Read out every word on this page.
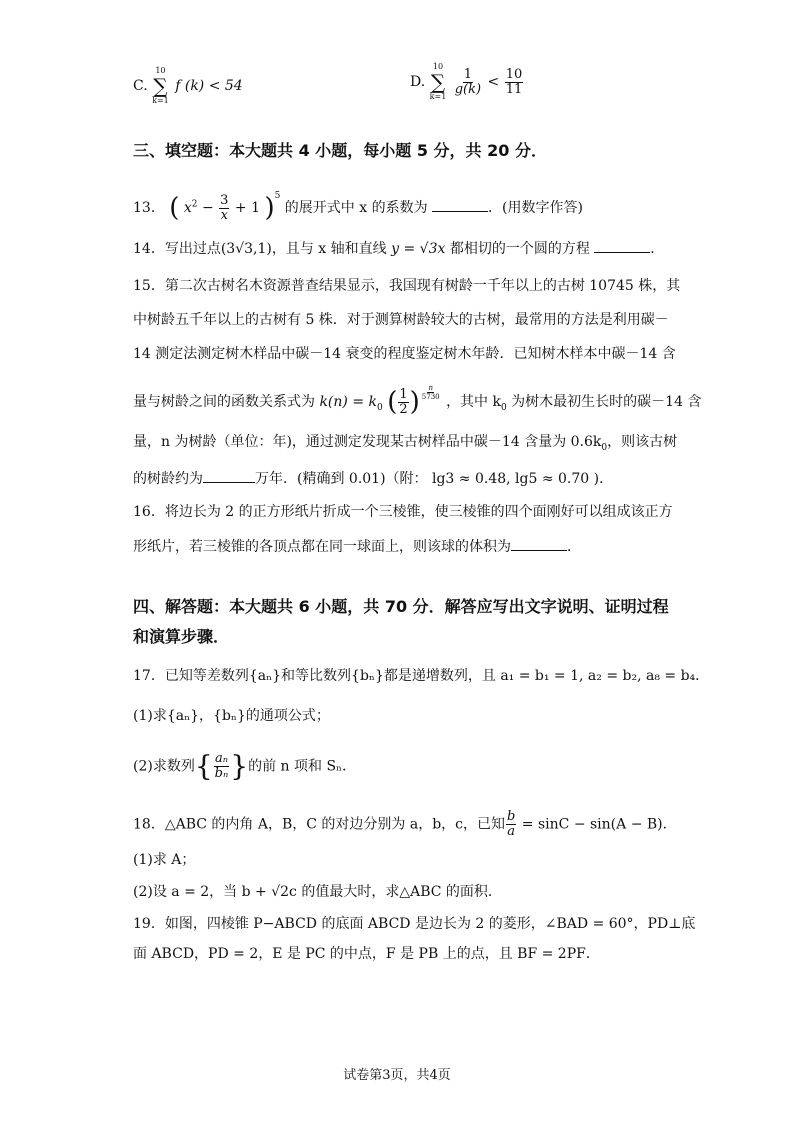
C.
10
∑
k=1
f (k) < 54	D.
10
∑
k=1
$\frac{1}{g(k)} < \frac{10}{11}$
三、填空题：本大题共 4 小题，每小题 5 分，共 20 分．
13． ( $x^2 - \frac{3}{x} + 1$ )$^5$ 的展开式中 x 的系数为	．(用数字作答)
14．写出过点(3√3,1)，且与 x 轴和直线 y = √3x 都相切的一个圆的方程	．
15．第二次古树名木资源普查结果显示，我国现有树龄一千年以上的古树 10745 株，其
中树龄五千年以上的古树有 5 株．对于测算树龄较大的古树，最常用的方法是利用碳－
14 测定法测定树木样品中碳－14 衰变的程度鉴定树木年龄．已知树木样本中碳－14 含
量与树龄之间的函数关系式为 $k(n) = k_0$ ( $\frac{1}{2}$ ) $\frac{n}{5730}$
，其中 $k_0$ 为树木最初生长时的碳－14 含
量，n 为树龄（单位：年)，通过测定发现某古树样品中碳－14 含量为 $0.6k_0$，则该古树
的树龄约为	万年．(精确到 0.01)（附： lg3 ≈ 0.48, lg5 ≈ 0.70 )．
16．将边长为 2 的正方形纸片折成一个三棱锥，使三棱锥的四个面刚好可以组成该正方
形纸片，若三棱锥的各顶点都在同一球面上，则该球的体积为	．
四、解答题：本大题共 6 小题，共 70 分．解答应写出文字说明、证明过程
和演算步骤．
17．已知等差数列{aₙ}和等比数列{bₙ}都是递增数列，且 a₁ = b₁ = 1, a₂ = b₂, a₈ = b₄．
(1)求{aₙ}，{bₙ}的通项公式；
(2)求数列{ $\frac{\text{aₙ}}{\text{bₙ}}$ }的前 n 项和 Sₙ．
18．△ABC 的内角 A，B，C 的对边分别为 a，b，c，已知 $\frac{b}{a} = \sin C - \sin(A - B)$．
(1)求 A；
(2)设 a = 2，当 b + √2c 的值最大时，求△ABC 的面积．
19．如图，四棱锥 P−ABCD 的底面 ABCD 是边长为 2 的菱形，∠BAD = 60°，PD⊥底
面 ABCD，PD = 2，E 是 PC 的中点，F 是 PB 上的点，且 BF = 2PF．
试卷第3页，共4页
